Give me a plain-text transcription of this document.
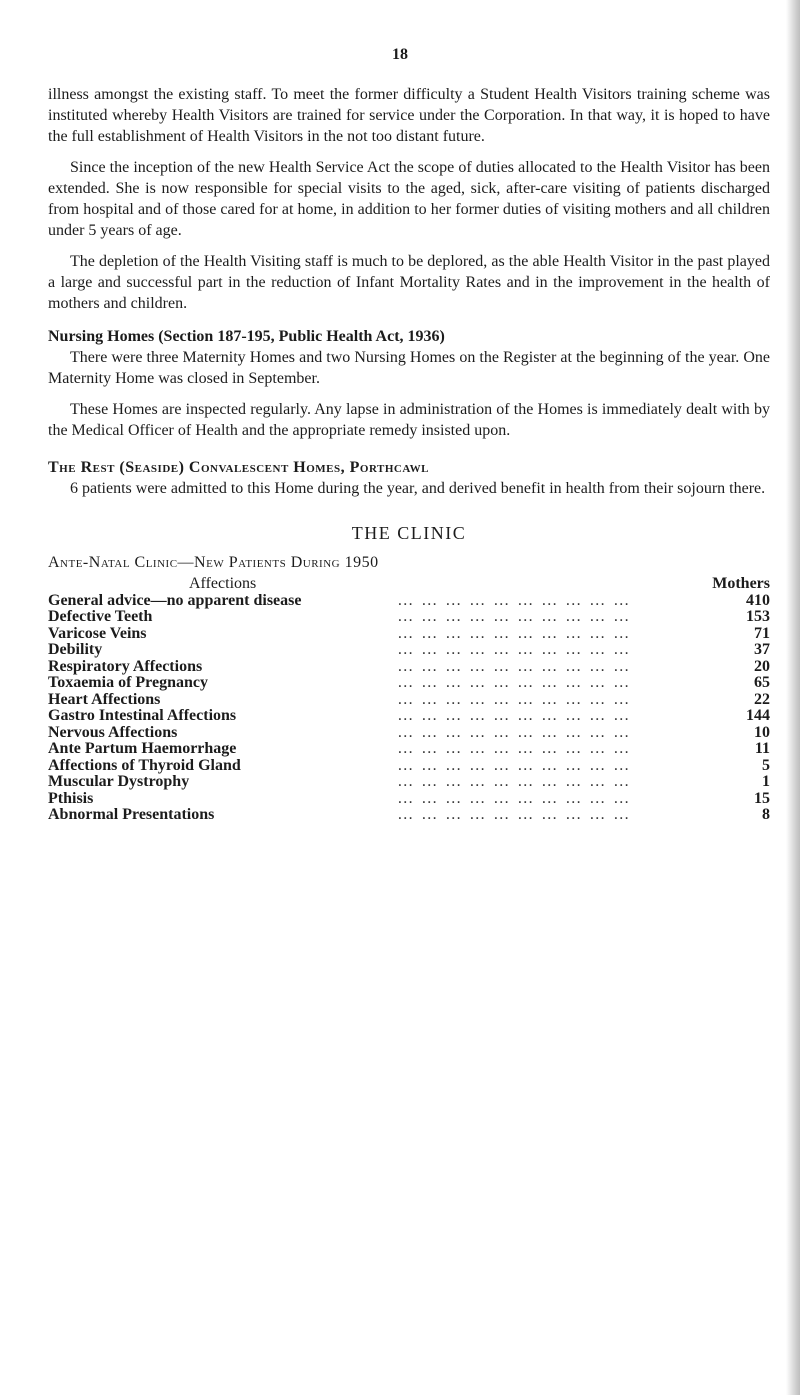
18

illness amongst the existing staff. To meet the former difficulty a Student Health Visitors training scheme was instituted whereby Health Visitors are trained for service under the Corporation. In that way, it is hoped to have the full establishment of Health Visitors in the not too distant future.

Since the inception of the new Health Service Act the scope of duties allocated to the Health Visitor has been extended. She is now responsible for special visits to the aged, sick, after-care visiting of patients discharged from hospital and of those cared for at home, in addition to her former duties of visiting mothers and all children under 5 years of age.

The depletion of the Health Visiting staff is much to be deplored, as the able Health Visitor in the past played a large and successful part in the reduction of Infant Mortality Rates and in the improvement in the health of mothers and children.

Nursing Homes (Section 187-195, Public Health Act, 1936)

There were three Maternity Homes and two Nursing Homes on the Register at the beginning of the year. One Maternity Home was closed in September.

These Homes are inspected regularly. Any lapse in administration of the Homes is immediately dealt with by the Medical Officer of Health and the appropriate remedy insisted upon.

The Rest (Seaside) Convalescent Homes, Porthcawl

6 patients were admitted to this Home during the year, and derived benefit in health from their sojourn there.

THE CLINIC
Ante-Natal Clinic—New Patients During 1950
Affections		Mothers
General advice—no apparent disease	… … … … … … … … … …	410
Defective Teeth	… … … … … … … … … …	153
Varicose Veins	… … … … … … … … … …	71
Debility	… … … … … … … … … …	37
Respiratory Affections	… … … … … … … … … …	20
Toxaemia of Pregnancy	… … … … … … … … … …	65
Heart Affections	… … … … … … … … … …	22
Gastro Intestinal Affections	… … … … … … … … … …	144
Nervous Affections	… … … … … … … … … …	10
Ante Partum Haemorrhage	… … … … … … … … … …	11
Affections of Thyroid Gland	… … … … … … … … … …	5
Muscular Dystrophy	… … … … … … … … … …	1
Pthisis	… … … … … … … … … …	15
Abnormal Presentations	… … … … … … … … … …	8
